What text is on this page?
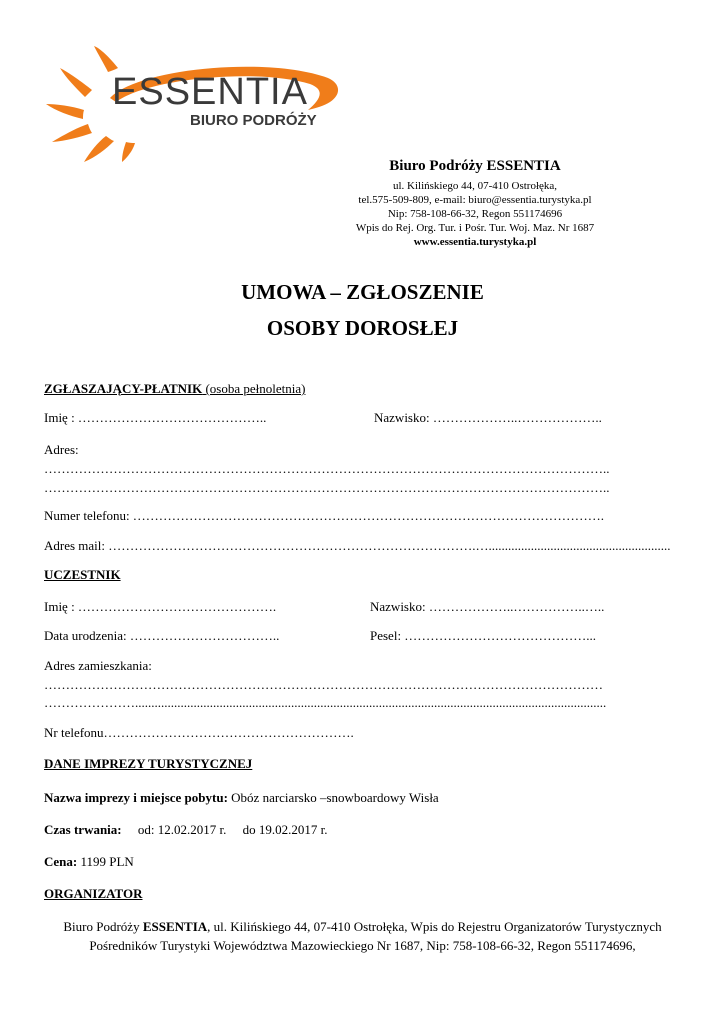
ESSENTIA
BIURO PODRÓŻY
Biuro Podróży ESSENTIA
ul. Kilińskiego 44, 07-410 Ostrołęka,
tel.575-509-809, e-mail: biuro@essentia.turystyka.pl
Nip: 758-108-66-32, Regon 551174696
Wpis do Rej. Org. Tur. i Pośr. Tur. Woj. Maz. Nr 1687
www.essentia.turystyka.pl
UMOWA – ZGŁOSZENIE
OSOBY DOROSŁEJ
ZGŁASZAJĄCY-PŁATNIK (osoba pełnoletnia)
Imię : ……………………………………..	Nazwisko: ………………..………………..
Adres:
…………………………………………………………………………………………………………………..
…………………………………………………………………………………………………………………..
Numer telefonu: ……………………………………………………………………………………………….
Adres mail: ………………………………………………………………………….…........................................................
UCZESTNIK
Imię : ……………………………………….	Nazwisko: ………………..……………..…..
Data urodzenia: ……………………………..	Pesel: ……………………………………...
Adres zamieszkania:
…………………………………………………………………………………………………………………
………………….................................................................................................................................................
Nr telefonu………………………………………………….
DANE IMPREZY TURYSTYCZNEJ
Nazwa imprezy i miejsce pobytu: Obóz narciarsko –snowboardowy Wisła
Czas trwania:     od: 12.02.2017 r.     do 19.02.2017 r.
Cena: 1199 PLN
ORGANIZATOR
Biuro Podróży ESSENTIA, ul. Kilińskiego 44, 07-410 Ostrołęka, Wpis do Rejestru Organizatorów Turystycznych
Pośredników Turystyki Województwa Mazowieckiego Nr 1687, Nip: 758-108-66-32, Regon 551174696,
